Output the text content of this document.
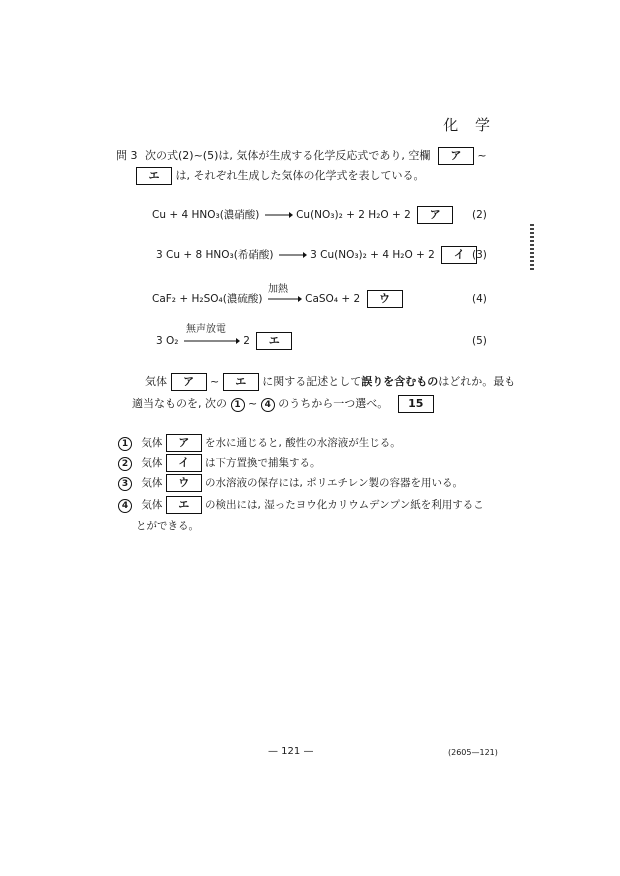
化 学
問 3 次の式(2)~(5)は, 気体が生成する化学反応式であり, 空欄 ア ~
エ は, それぞれ生成した気体の化学式を表している。
Cu + 4 HNO₃(濃硝酸) → Cu(NO₃)₂ + 2 H₂O + 2 ア	(2)
3 Cu + 8 HNO₃(希硝酸) → 3 Cu(NO₃)₂ + 4 H₂O + 2 イ (3)
加熱
CaF₂ + H₂SO₄(濃硫酸) → CaSO₄ + 2 ウ	(4)
無声放電
3 O₂	2 エ	(5)
気体 ア ~ エ に関する記述として誤りを含むものはどれか。最も
適当なものを, 次の 1 ~ 4 のうちから一つ選べ。 15
1 気体 ア を水に通じると, 酸性の水溶液が生じる。
2 気体 イ は下方置換で捕集する。
3 気体 ウ の水溶液の保存には, ポリエチレン製の容器を用いる。
4 気体 エ の検出には, 湿ったヨウ化カリウムデンプン紙を利用するこ
とができる。
— 121 —	(2605—121)
